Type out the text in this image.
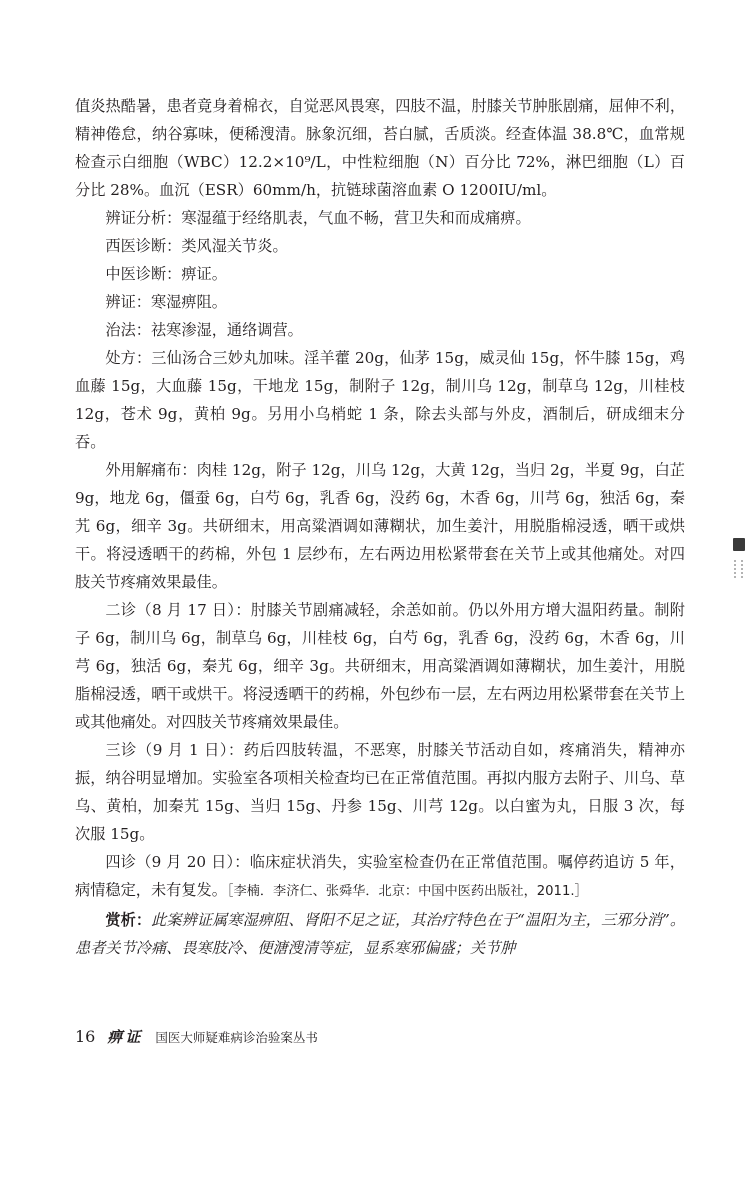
值炎热酷暑，患者竟身着棉衣，自觉恶风畏寒，四肢不温，肘膝关节肿胀剧痛，屈伸不利，精神倦怠，纳谷寡味，便稀溲清。脉象沉细，苔白腻，舌质淡。经查体温 38.8℃，血常规检查示白细胞（WBC）12.2×10⁹/L，中性粒细胞（N）百分比 72%，淋巴细胞（L）百分比 28%。血沉（ESR）60mm/h，抗链球菌溶血素 O 1200IU/ml。

辨证分析：寒湿蕴于经络肌表，气血不畅，营卫失和而成痛痹。

西医诊断：类风湿关节炎。

中医诊断：痹证。

辨证：寒湿痹阻。

治法：祛寒渗湿，通络调营。

处方：三仙汤合三妙丸加味。淫羊藿 20g，仙茅 15g，威灵仙 15g，怀牛膝 15g，鸡血藤 15g，大血藤 15g，干地龙 15g，制附子 12g，制川乌 12g，制草乌 12g，川桂枝 12g，苍术 9g，黄柏 9g。另用小乌梢蛇 1 条，除去头部与外皮，酒制后，研成细末分吞。

外用解痛布：肉桂 12g，附子 12g，川乌 12g，大黄 12g，当归 2g，半夏 9g，白芷 9g，地龙 6g，僵蚕 6g，白芍 6g，乳香 6g，没药 6g，木香 6g，川芎 6g，独活 6g，秦艽 6g，细辛 3g。共研细末，用高粱酒调如薄糊状，加生姜汁，用脱脂棉浸透，晒干或烘干。将浸透晒干的药棉，外包 1 层纱布，左右两边用松紧带套在关节上或其他痛处。对四肢关节疼痛效果最佳。

二诊（8 月 17 日）：肘膝关节剧痛减轻，余恙如前。仍以外用方增大温阳药量。制附子 6g，制川乌 6g，制草乌 6g，川桂枝 6g，白芍 6g，乳香 6g，没药 6g，木香 6g，川芎 6g，独活 6g，秦艽 6g，细辛 3g。共研细末，用高粱酒调如薄糊状，加生姜汁，用脱脂棉浸透，晒干或烘干。将浸透晒干的药棉，外包纱布一层，左右两边用松紧带套在关节上或其他痛处。对四肢关节疼痛效果最佳。

三诊（9 月 1 日）：药后四肢转温，不恶寒，肘膝关节活动自如，疼痛消失，精神亦振，纳谷明显增加。实验室各项相关检查均已在正常值范围。再拟内服方去附子、川乌、草乌、黄柏，加秦艽 15g、当归 15g、丹参 15g、川芎 12g。以白蜜为丸，日服 3 次，每次服 15g。

四诊（9 月 20 日）：临床症状消失，实验室检查仍在正常值范围。嘱停药追访 5 年，病情稳定，未有复发。［李楠．李济仁、张舜华．北京：中国中医药出版社，2011.］

赏析：此案辨证属寒湿痹阻、肾阳不足之证，其治疗特色在于“温阳为主，三邪分消”。患者关节冷痛、畏寒肢冷、便溏溲清等症，显系寒邪偏盛；关节肿

16 痹证 国医大师疑难病诊治验案丛书
